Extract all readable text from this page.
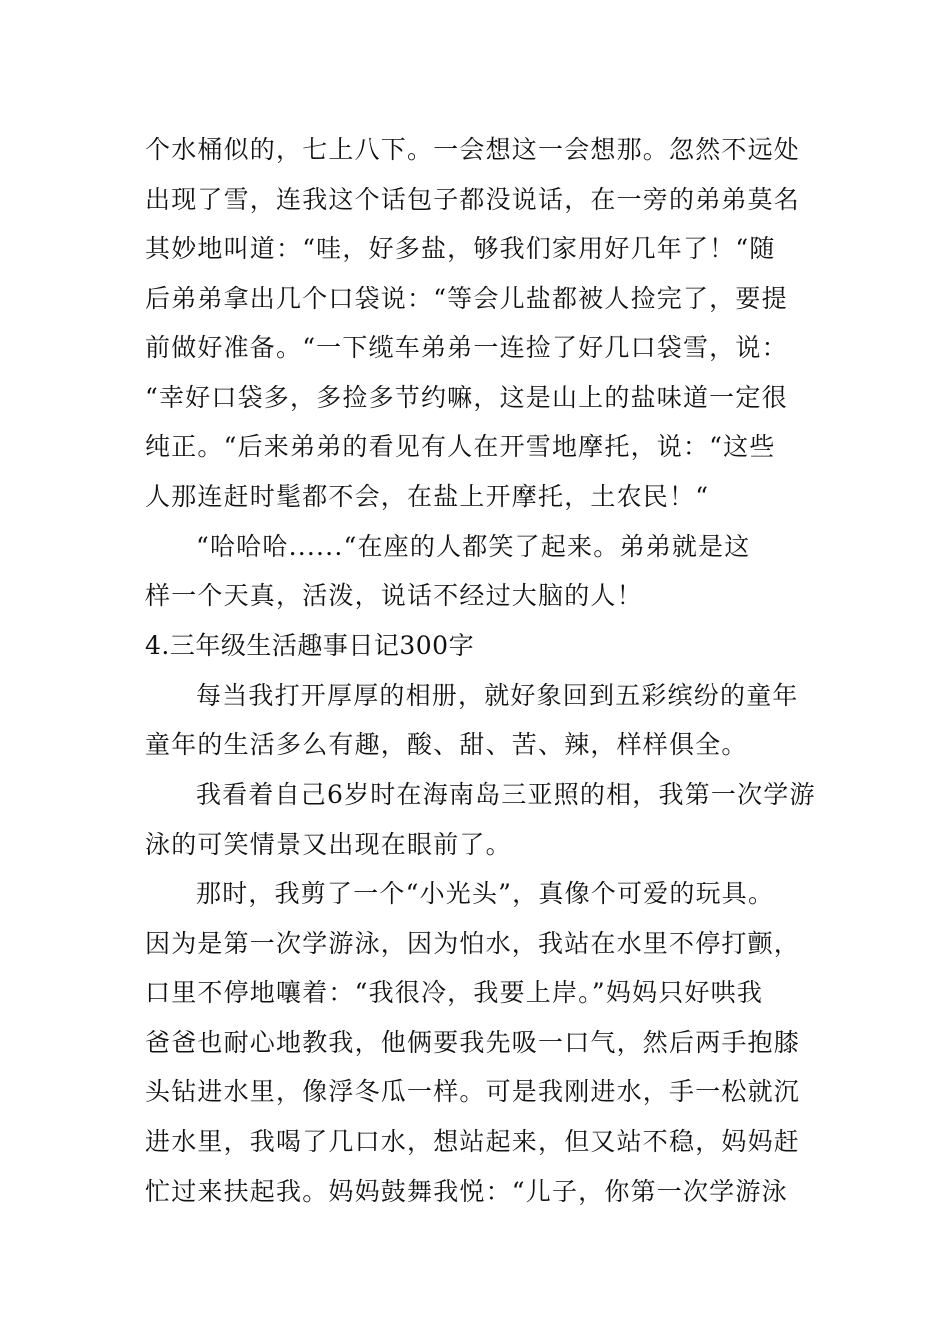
个水桶似的，七上八下。一会想这一会想那。忽然不远处
出现了雪，连我这个话包子都没说话，在一旁的弟弟莫名
其妙地叫道：“哇，好多盐，够我们家用好几年了！“随
后弟弟拿出几个口袋说：“等会儿盐都被人捡完了，要提
前做好准备。“一下缆车弟弟一连捡了好几口袋雪，说：
“幸好口袋多，多捡多节约嘛，这是山上的盐味道一定很
纯正。“后来弟弟的看见有人在开雪地摩托，说：“这些
人那连赶时髦都不会，在盐上开摩托，土农民！“
“哈哈哈......“在座的人都笑了起来。弟弟就是这
样一个天真，活泼，说话不经过大脑的人！
4.三年级生活趣事日记300字
每当我打开厚厚的相册，就好象回到五彩缤纷的童年
童年的生活多么有趣，酸、甜、苦、辣，样样俱全。
我看着自己6岁时在海南岛三亚照的相，我第一次学游
泳的可笑情景又出现在眼前了。
那时，我剪了一个“小光头”，真像个可爱的玩具。
因为是第一次学游泳，因为怕水，我站在水里不停打颤，
口里不停地嚷着：“我很冷，我要上岸。”妈妈只好哄我
爸爸也耐心地教我，他俩要我先吸一口气，然后两手抱膝
头钻进水里，像浮冬瓜一样。可是我刚进水，手一松就沉
进水里，我喝了几口水，想站起来，但又站不稳，妈妈赶
忙过来扶起我。妈妈鼓舞我悦：“儿子，你第一次学游泳
